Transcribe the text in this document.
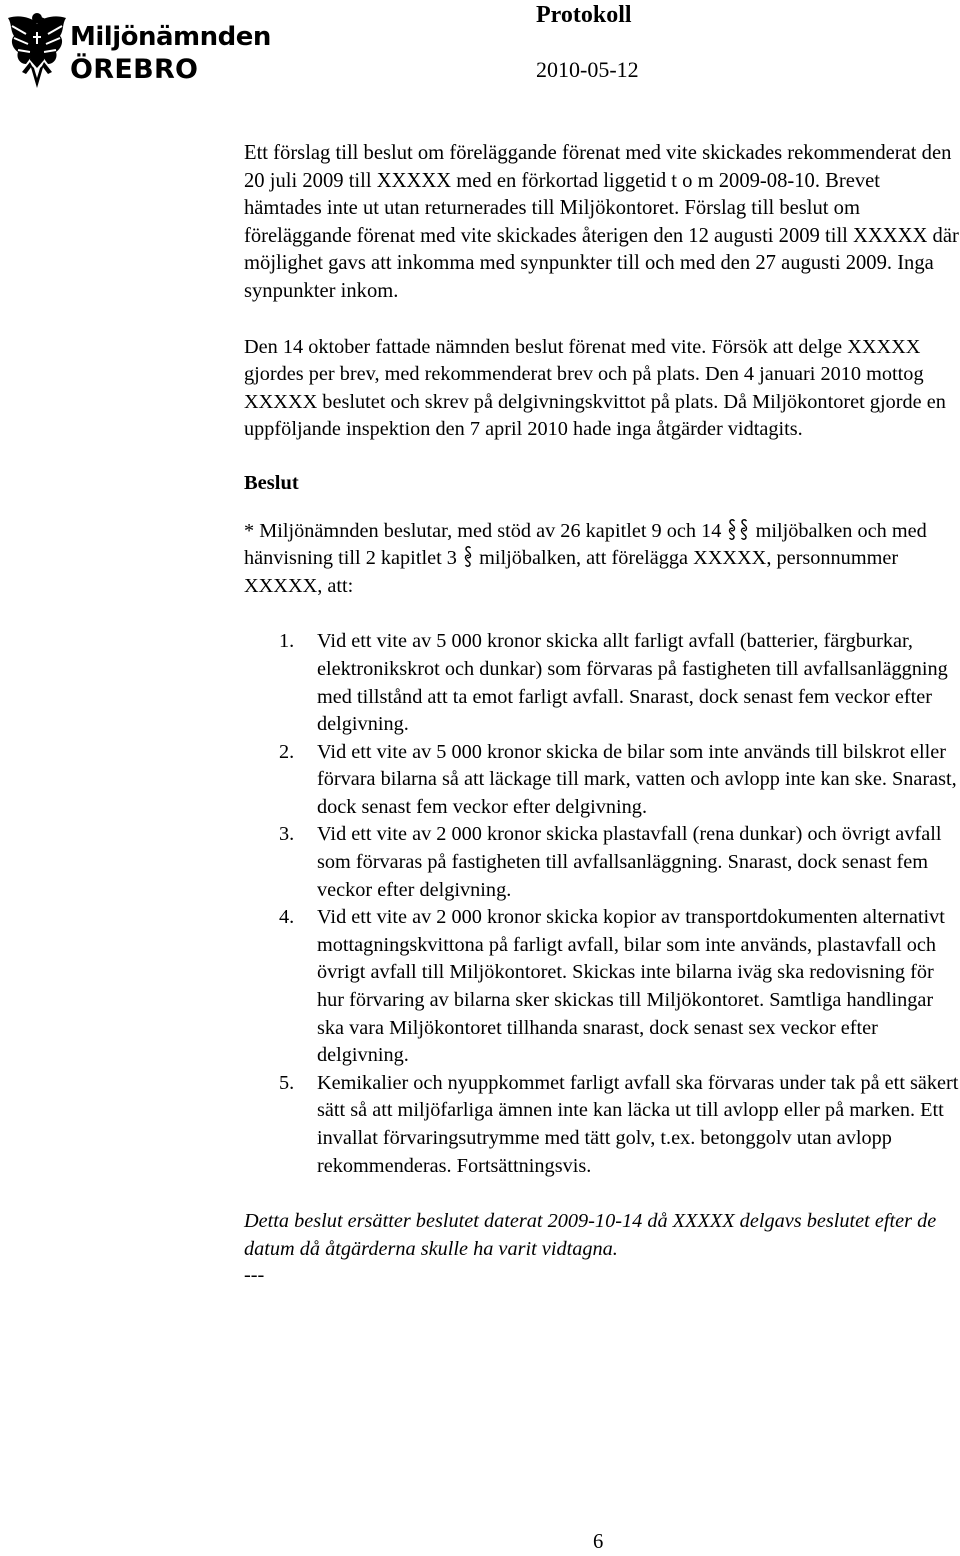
Miljönämnden
ÖREBRO
Protokoll
2010-05-12

Ett förslag till beslut om föreläggande förenat med vite skickades rekommenderat den 20 juli 2009 till XXXXX med en förkortad liggetid t o m 2009-08-10. Brevet hämtades inte ut utan returnerades till Miljökontoret. Förslag till beslut om föreläggande förenat med vite skickades återigen den 12 augusti 2009 till XXXXX där möjlighet gavs att inkomma med synpunkter till och med den 27 augusti 2009. Inga synpunkter inkom.

Den 14 oktober fattade nämnden beslut förenat med vite. Försök att delge XXXXX gjordes per brev, med rekommenderat brev och på plats. Den 4 januari 2010 mottog XXXXX beslutet och skrev på delgivningskvittot på plats. Då Miljökontoret gjorde en uppföljande inspektion den 7 april 2010 hade inga åtgärder vidtagits.

Beslut

* Miljönämnden beslutar, med stöd av 26 kapitlet 9 och 14 miljöbalken och med hänvisning till 2 kapitlet 3 miljöbalken, att förelägga XXXXX, personnummer XXXXX, att:

1. Vid ett vite av 5 000 kronor skicka allt farligt avfall (batterier, färgburkar, elektronikskrot och dunkar) som förvaras på fastigheten till avfallsanläggning med tillstånd att ta emot farligt avfall. Snarast, dock senast fem veckor efter delgivning.
2. Vid ett vite av 5 000 kronor skicka de bilar som inte används till bilskrot eller förvara bilarna så att läckage till mark, vatten och avlopp inte kan ske. Snarast, dock senast fem veckor efter delgivning.
3. Vid ett vite av 2 000 kronor skicka plastavfall (rena dunkar) och övrigt avfall som förvaras på fastigheten till avfallsanläggning. Snarast, dock senast fem veckor efter delgivning.
4. Vid ett vite av 2 000 kronor skicka kopior av transportdokumenten alternativt mottagningskvittona på farligt avfall, bilar som inte används, plastavfall och övrigt avfall till Miljökontoret. Skickas inte bilarna iväg ska redovisning för hur förvaring av bilarna sker skickas till Miljökontoret. Samtliga handlingar ska vara Miljökontoret tillhanda snarast, dock senast sex veckor efter delgivning.
5. Kemikalier och nyuppkommet farligt avfall ska förvaras under tak på ett säkert sätt så att miljöfarliga ämnen inte kan läcka ut till avlopp eller på marken. Ett invallat förvaringsutrymme med tätt golv, t.ex. betonggolv utan avlopp rekommenderas. Fortsättningsvis.

Detta beslut ersätter beslutet daterat 2009-10-14 då XXXXX delgavs beslutet efter de datum då åtgärderna skulle ha varit vidtagna.

---

6
